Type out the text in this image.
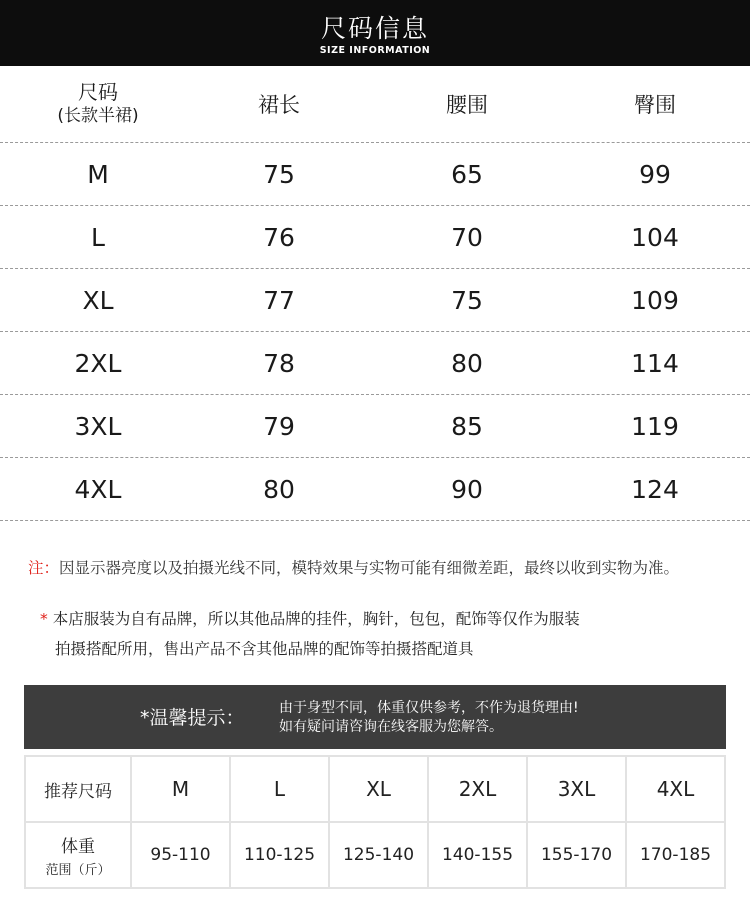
尺码信息
SIZE INFORMATION
尺码
(长款半裙)	裙长	腰围	臀围
M	75	65	99
L	76	70	104
XL	77	75	109
2XL	78	80	114
3XL	79	85	119
4XL	80	90	124
注：因显示器亮度以及拍摄光线不同，模特效果与实物可能有细微差距，最终以收到实物为准。
* 本店服装为自有品牌，所以其他品牌的挂件，胸针，包包，配饰等仅作为服装
拍摄搭配所用，售出产品不含其他品牌的配饰等拍摄搭配道具
*温馨提示： 由于身型不同，体重仅供参考，不作为退货理由!
如有疑问请咨询在线客服为您解答。
推荐尺码	M	L	XL	2XL	3XL	4XL
体重
范围（斤）	95-110	110-125	125-140	140-155	155-170	170-185
